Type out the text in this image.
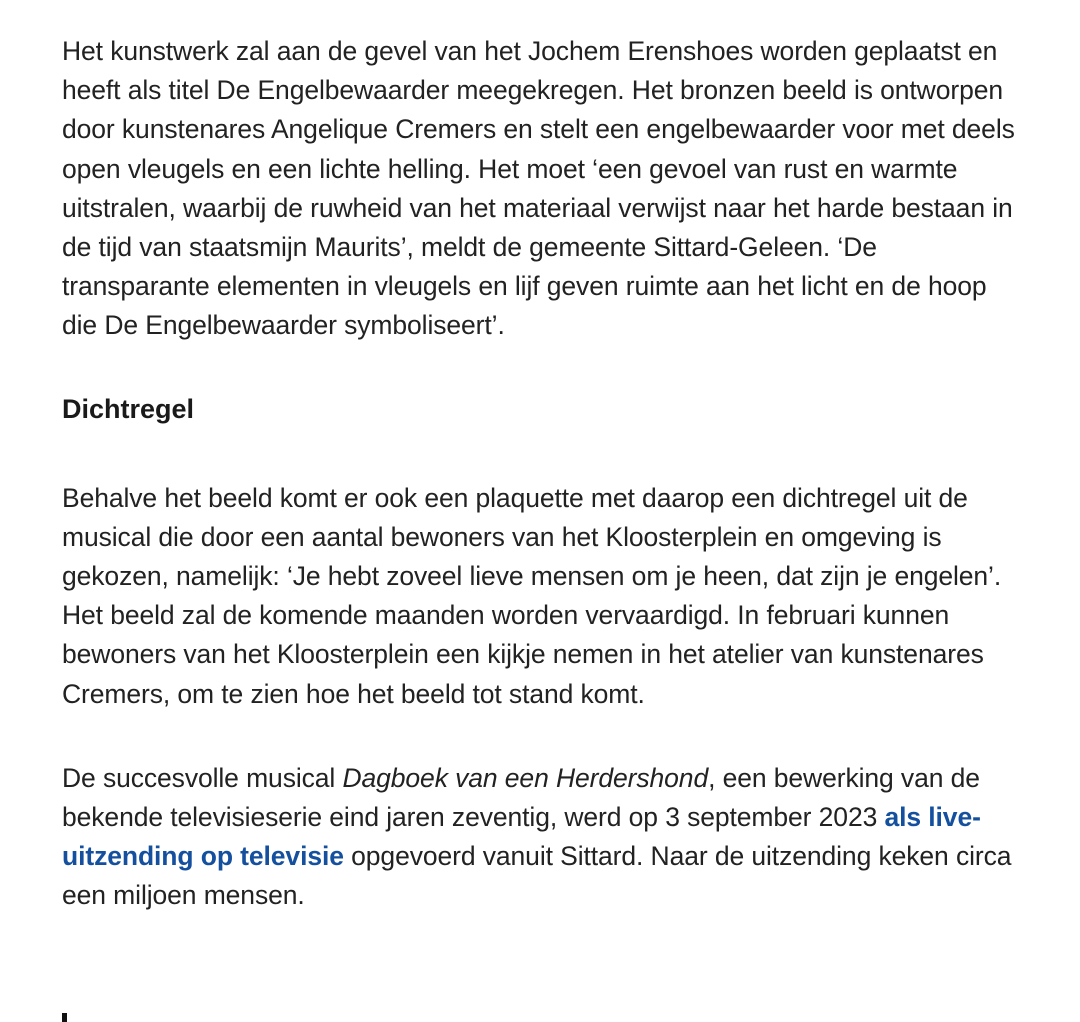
Het kunstwerk zal aan de gevel van het Jochem Erenshoes worden geplaatst en heeft als titel De Engelbewaarder meegekregen. Het bronzen beeld is ontworpen door kunstenares Angelique Cremers en stelt een engelbewaarder voor met deels open vleugels en een lichte helling. Het moet ‘een gevoel van rust en warmte uitstralen, waarbij de ruwheid van het materiaal verwijst naar het harde bestaan in de tijd van staatsmijn Maurits’, meldt de gemeente Sittard-Geleen. ‘De transparante elementen in vleugels en lijf geven ruimte aan het licht en de hoop die De Engelbewaarder symboliseert’.

Dichtregel

Behalve het beeld komt er ook een plaquette met daarop een dichtregel uit de musical die door een aantal bewoners van het Kloosterplein en omgeving is gekozen, namelijk: ‘Je hebt zoveel lieve mensen om je heen, dat zijn je engelen’. Het beeld zal de komende maanden worden vervaardigd. In februari kunnen bewoners van het Kloosterplein een kijkje nemen in het atelier van kunstenares Cremers, om te zien hoe het beeld tot stand komt.

De succesvolle musical Dagboek van een Herdershond, een bewerking van de bekende televisieserie eind jaren zeventig, werd op 3 september 2023 als live-uitzending op televisie opgevoerd vanuit Sittard. Naar de uitzending keken circa een miljoen mensen.
